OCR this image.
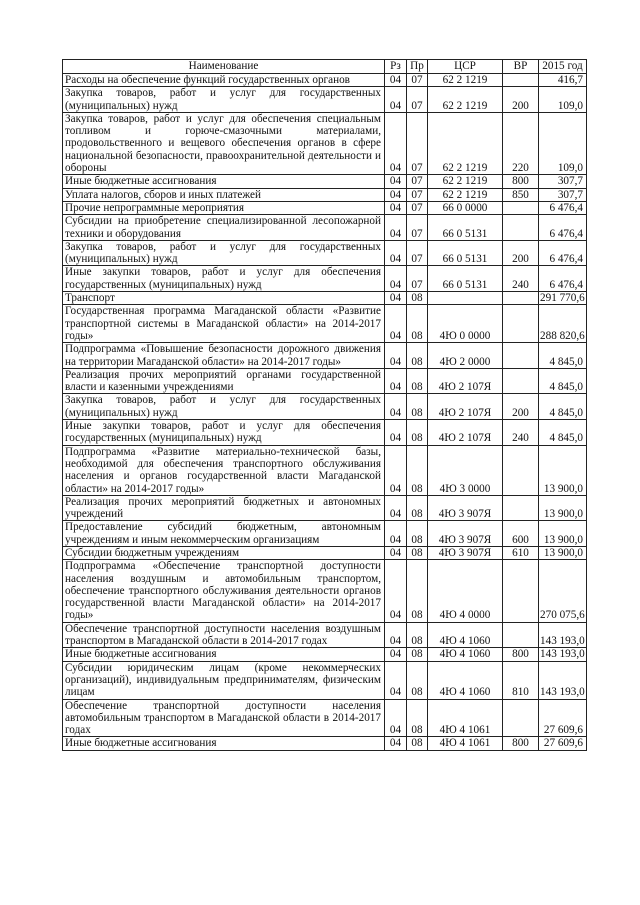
Наименование	Рз	Пр	ЦСР	ВР	2015 год
Расходы на обеспечение функций государственных органов	04	07	62 2 1219		416,7
Закупка товаров, работ и услуг для государственных (муниципальных) нужд	04	07	62 2 1219	200	109,0
Закупка товаров, работ и услуг для обеспечения специальным топливом и горюче-смазочными материалами, продовольственного и вещевого обеспечения органов в сфере национальной безопасности, правоохранительной деятельности и обороны	04	07	62 2 1219	220	109,0
Иные бюджетные ассигнования	04	07	62 2 1219	800	307,7
Уплата налогов, сборов и иных платежей	04	07	62 2 1219	850	307,7
Прочие непрограммные мероприятия	04	07	66 0 0000		6 476,4
Субсидии на приобретение специализированной лесопожарной техники и оборудования	04	07	66 0 5131		6 476,4
Закупка товаров, работ и услуг для государственных (муниципальных) нужд	04	07	66 0 5131	200	6 476,4
Иные закупки товаров, работ и услуг для обеспечения государственных (муниципальных) нужд	04	07	66 0 5131	240	6 476,4
Транспорт	04	08			291 770,6
Государственная программа Магаданской области «Развитие транспортной системы в Магаданской области» на 2014-2017 годы»	04	08	4Ю 0 0000		288 820,6
Подпрограмма «Повышение безопасности дорожного движения на территории Магаданской области» на 2014-2017 годы»	04	08	4Ю 2 0000		4 845,0
Реализация прочих мероприятий органами государственной власти и казенными учреждениями	04	08	4Ю 2 107Я		4 845,0
Закупка товаров, работ и услуг для государственных (муниципальных) нужд	04	08	4Ю 2 107Я	200	4 845,0
Иные закупки товаров, работ и услуг для обеспечения государственных (муниципальных) нужд	04	08	4Ю 2 107Я	240	4 845,0
Подпрограмма «Развитие материально-технической базы, необходимой для обеспечения транспортного обслуживания населения и органов государственной власти Магаданской области» на 2014-2017 годы»	04	08	4Ю 3 0000		13 900,0
Реализация прочих мероприятий бюджетных и автономных учреждений	04	08	4Ю 3 907Я		13 900,0
Предоставление субсидий бюджетным, автономным учреждениям и иным некоммерческим организациям	04	08	4Ю 3 907Я	600	13 900,0
Субсидии бюджетным учреждениям	04	08	4Ю 3 907Я	610	13 900,0
Подпрограмма «Обеспечение транспортной доступности населения воздушным и автомобильным транспортом, обеспечение транспортного обслуживания деятельности органов государственной власти Магаданской области» на 2014-2017 годы»	04	08	4Ю 4 0000		270 075,6
Обеспечение транспортной доступности населения воздушным транспортом в Магаданской области в 2014-2017 годах	04	08	4Ю 4 1060		143 193,0
Иные бюджетные ассигнования	04	08	4Ю 4 1060	800	143 193,0
Субсидии юридическим лицам (кроме некоммерческих организаций), индивидуальным предпринимателям, физическим лицам	04	08	4Ю 4 1060	810	143 193,0
Обеспечение транспортной доступности населения автомобильным транспортом в Магаданской области в 2014-2017 годах	04	08	4Ю 4 1061		27 609,6
Иные бюджетные ассигнования	04	08	4Ю 4 1061	800	27 609,6
